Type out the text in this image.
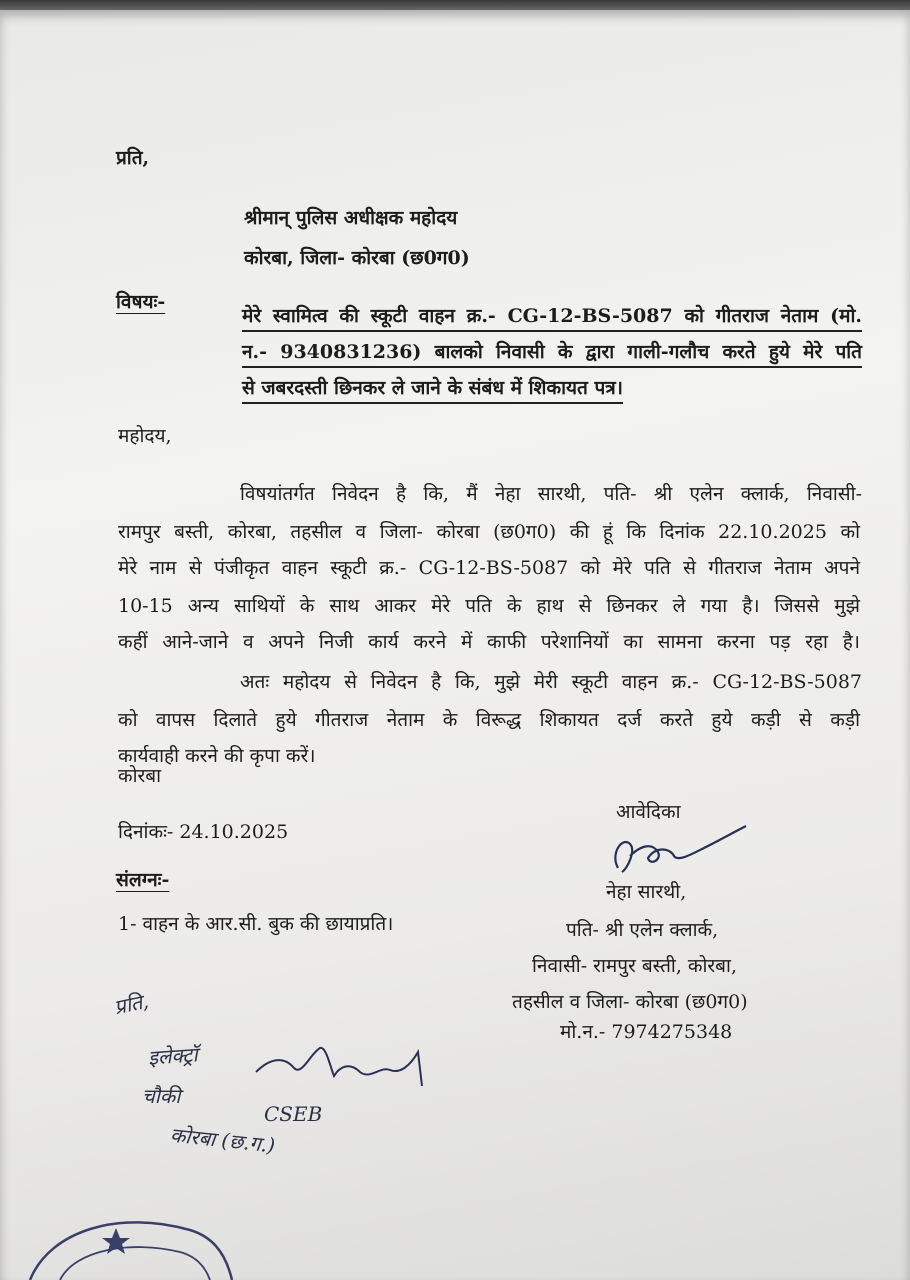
प्रति,
श्रीमान् पुलिस अधीक्षक महोदय
कोरबा, जिला- कोरबा (छ0ग0)
विषयः-
मेरे स्वामित्व की स्कूटी वाहन क्र.- CG-12-BS-5087 को गीतराज नेताम (मो.
न.- 9340831236) बालको निवासी के द्वारा गाली-गलौच करते हुये मेरे पति
से जबरदस्ती छिनकर ले जाने के संबंध में शिकायत पत्र।
महोदय,
विषयांतर्गत निवेदन है कि, मैं नेहा सारथी, पति- श्री एलेन क्लार्क, निवासी-
रामपुर बस्ती, कोरबा, तहसील व जिला- कोरबा (छ0ग0) की हूं कि दिनांक 22.10.2025 को
मेरे नाम से पंजीकृत वाहन स्कूटी क्र.- CG-12-BS-5087 को मेरे पति से गीतराज नेताम अपने
10-15 अन्य साथियों के साथ आकर मेरे पति के हाथ से छिनकर ले गया है। जिससे मुझे
कहीं आने-जाने व अपने निजी कार्य करने में काफी परेशानियों का सामना करना पड़ रहा है।
अतः महोदय से निवेदन है कि, मुझे मेरी स्कूटी वाहन क्र.- CG-12-BS-5087
को वापस दिलाते हुये गीतराज नेताम के विरूद्ध शिकायत दर्ज करते हुये कड़ी से कड़ी
कार्यवाही करने की कृपा करें।
कोरबा
दिनांकः- 24.10.2025
संलग्नः-
1- वाहन के आर.सी. बुक की छायाप्रति।
आवेदिका
नेहा सारथी,
पति- श्री एलेन क्लार्क,
निवासी- रामपुर बस्ती, कोरबा,
तहसील व जिला- कोरबा (छ0ग0)
मो.न.- 7974275348
प्रति,
इलेक्ट्रॉ
चौकी
CSEB
कोरबा (छ.ग.)
